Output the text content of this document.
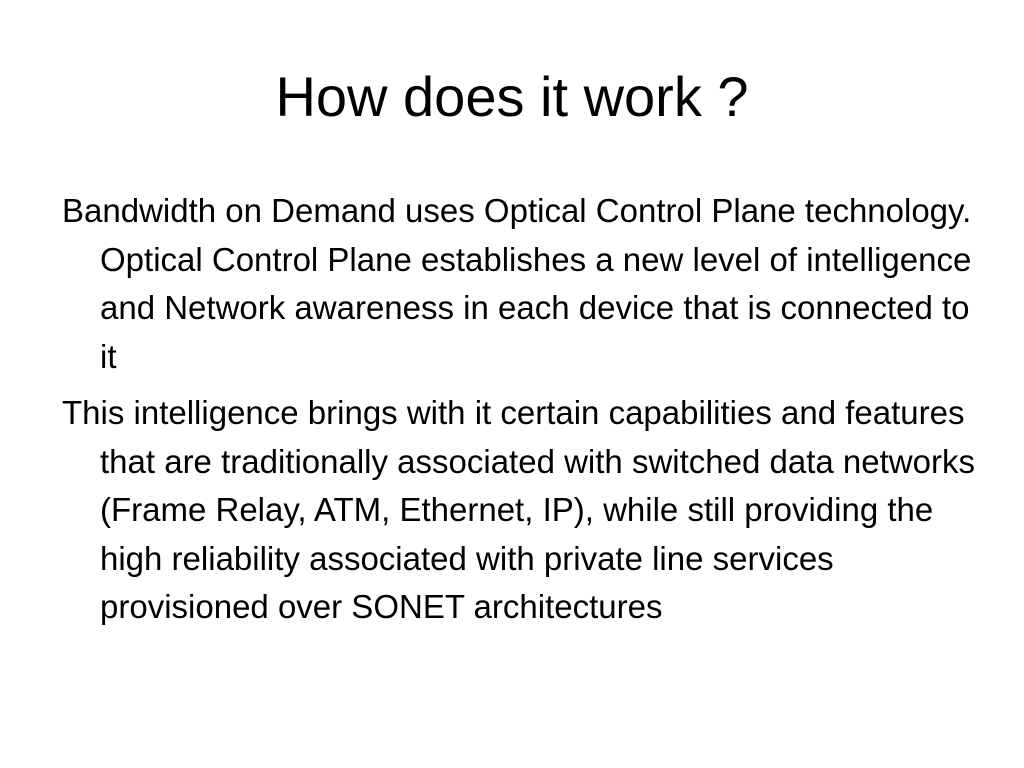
How does it work ?
Bandwidth on Demand uses Optical Control Plane technology. Optical Control Plane establishes a new level of intelligence and Network awareness in each device that is connected to it
This intelligence brings with it certain capabilities and features that are traditionally associated with switched data networks (Frame Relay, ATM, Ethernet, IP), while still providing the high reliability associated with private line services provisioned over SONET architectures
